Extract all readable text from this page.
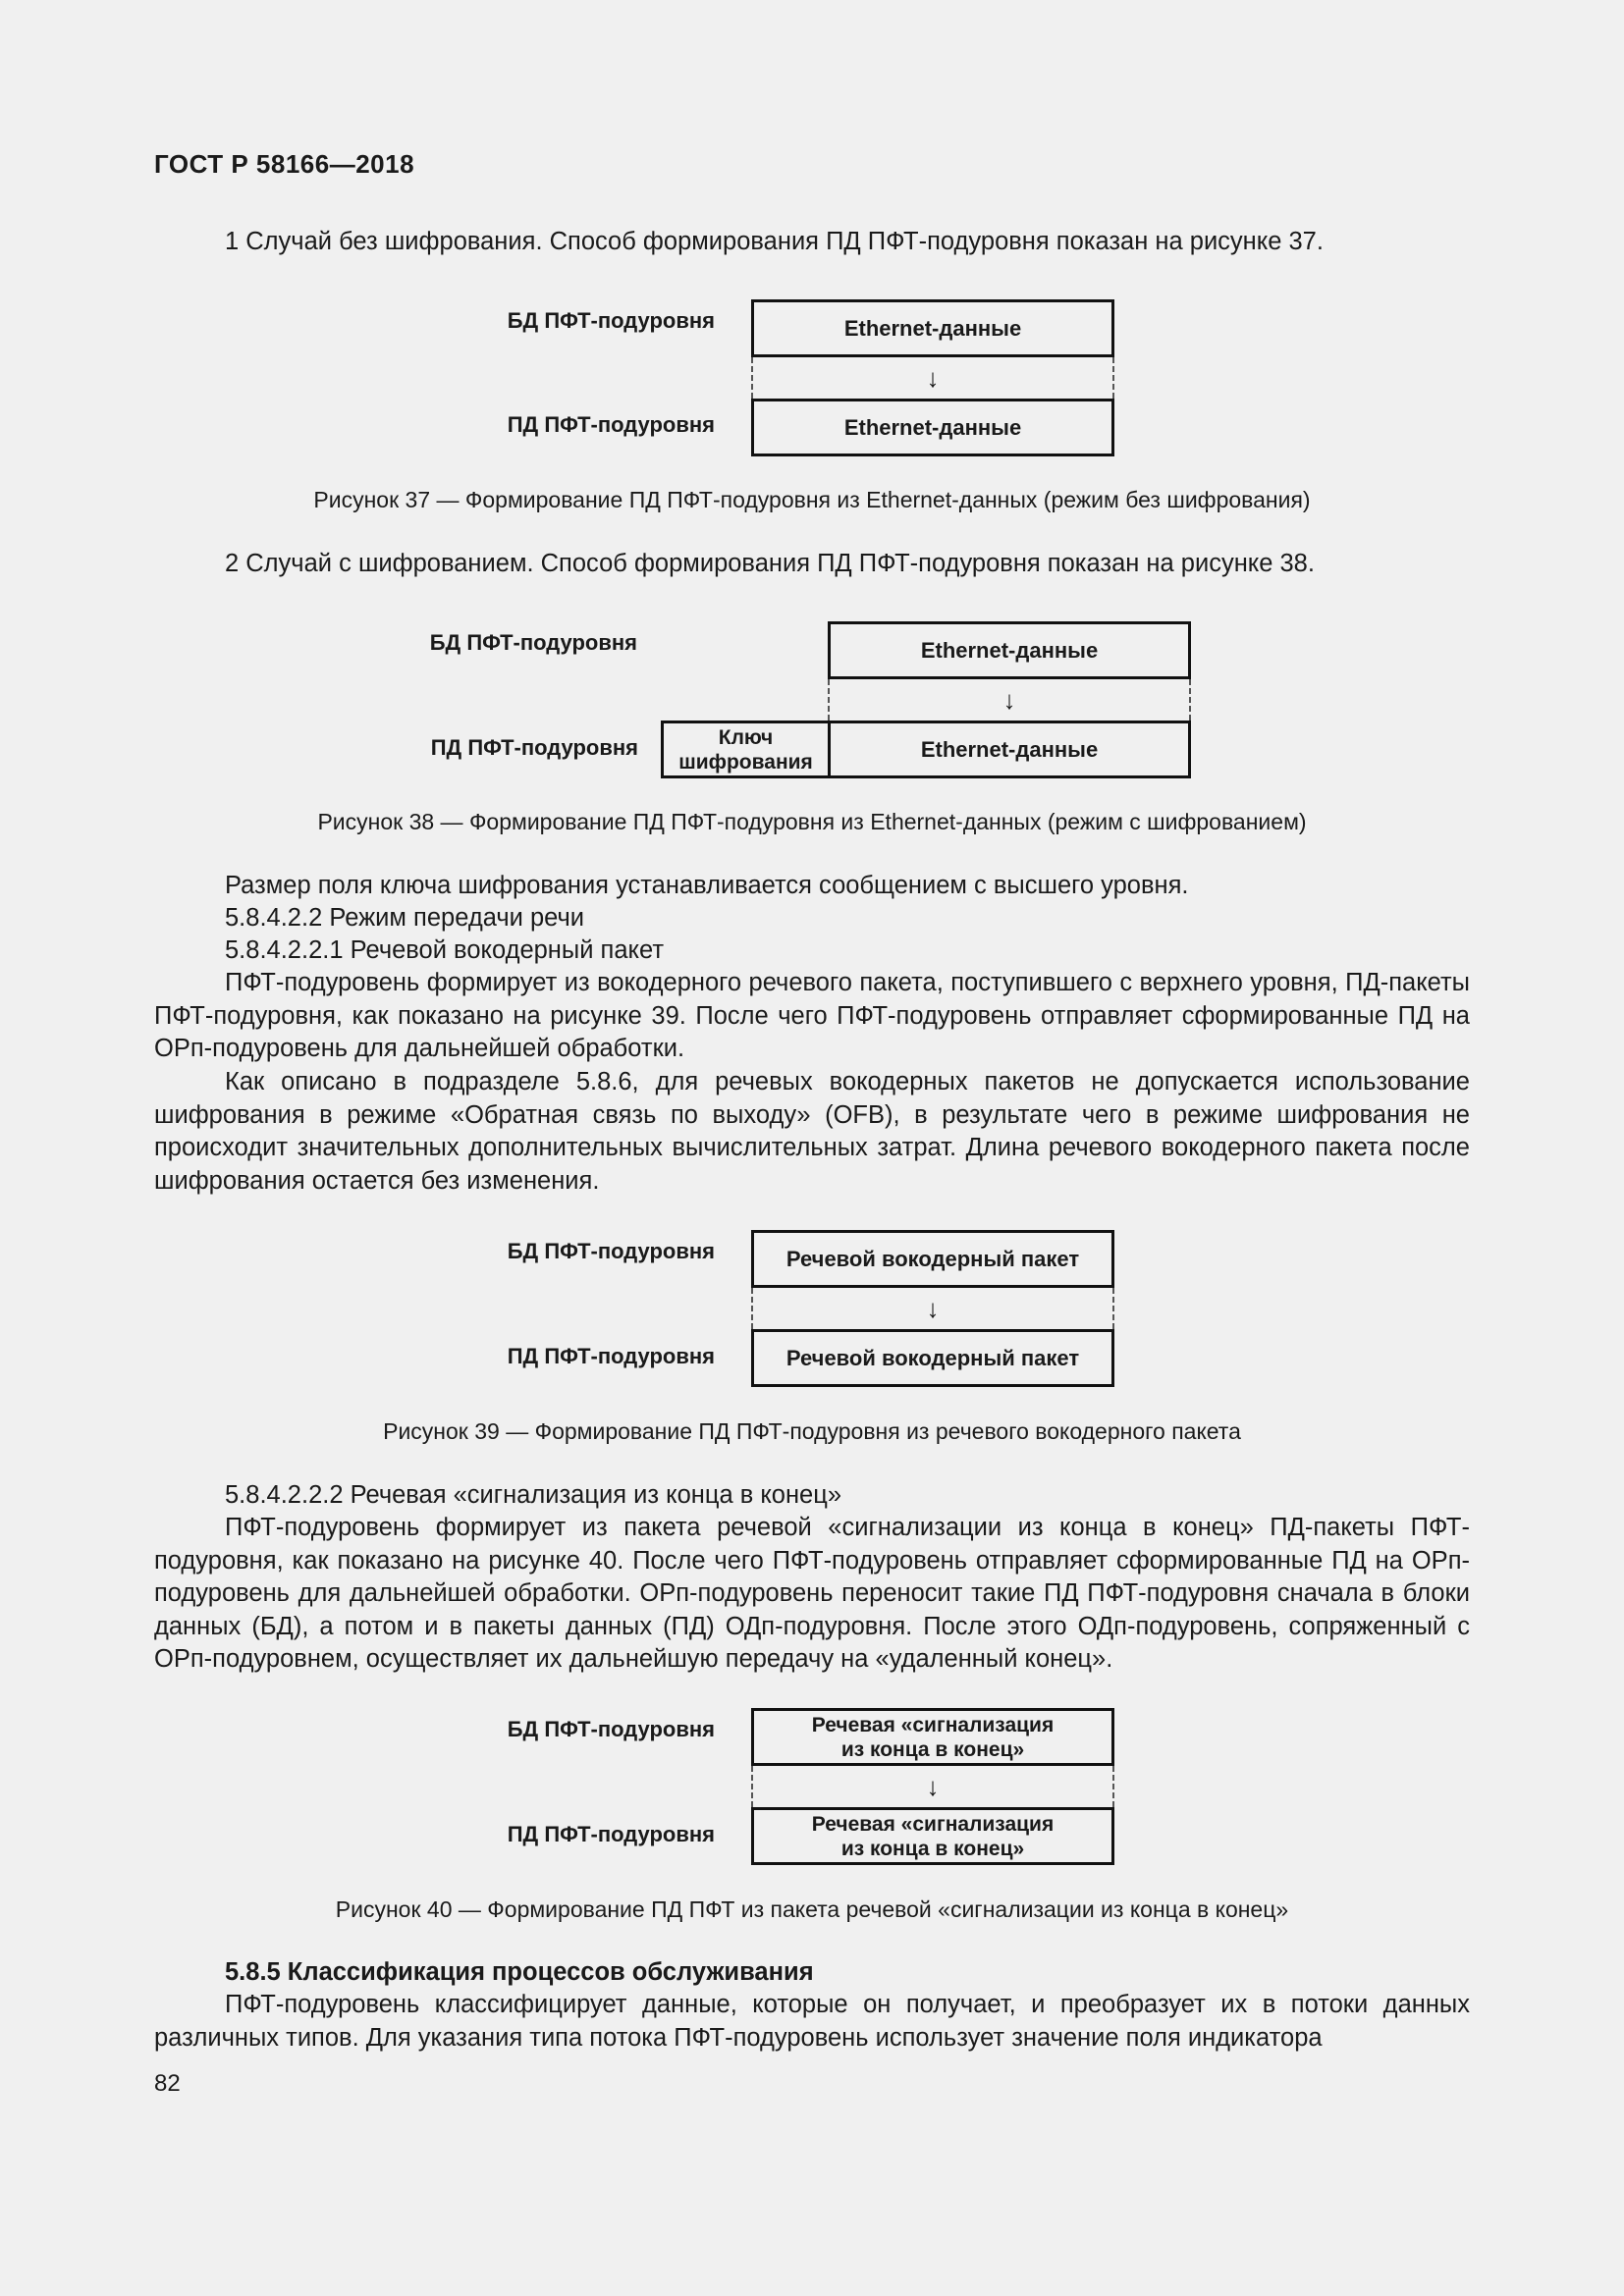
ГОСТ Р 58166—2018
1 Случай без шифрования. Способ формирования ПД ПФТ-подуровня показан на рисунке 37.
БД ПФТ-подуровня
ПД ПФТ-подуровня
Ethernet-данные
↓
Ethernet-данные
Рисунок 37 — Формирование ПД ПФТ-подуровня из Ethernet-данных (режим без шифрования)
2 Случай с шифрованием. Способ формирования ПД ПФТ-подуровня показан на рисунке 38.
БД ПФТ-подуровня
ПД ПФТ-подуровня
Ethernet-данные
↓
Ключ
шифрования	Ethernet-данные
Рисунок 38 — Формирование ПД ПФТ-подуровня из Ethernet-данных (режим с шифрованием)
Размер поля ключа шифрования устанавливается сообщением с высшего уровня.
5.8.4.2.2 Режим передачи речи
5.8.4.2.2.1 Речевой вокодерный пакет
ПФТ-подуровень формирует из вокодерного речевого пакета, поступившего с верхнего уровня, ПД-пакеты ПФТ-подуровня, как показано на рисунке 39. После чего ПФТ-подуровень отправляет сформированные ПД на ОРп-подуровень для дальнейшей обработки.
Как описано в подразделе 5.8.6, для речевых вокодерных пакетов не допускается использование шифрования в режиме «Обратная связь по выходу» (OFB), в результате чего в режиме шифрования не происходит значительных дополнительных вычислительных затрат. Длина речевого вокодерного пакета после шифрования остается без изменения.
БД ПФТ-подуровня
ПД ПФТ-подуровня
Речевой вокодерный пакет
↓
Речевой вокодерный пакет
Рисунок 39 — Формирование ПД ПФТ-подуровня из речевого вокодерного пакета
5.8.4.2.2.2 Речевая «сигнализация из конца в конец»
ПФТ-подуровень формирует из пакета речевой «сигнализации из конца в конец» ПД-пакеты ПФТ-подуровня, как показано на рисунке 40. После чего ПФТ-подуровень отправляет сформированные ПД на ОРп-подуровень для дальнейшей обработки. ОРп-подуровень переносит такие ПД ПФТ-подуровня сначала в блоки данных (БД), а потом и в пакеты данных (ПД) ОДп-подуровня. После этого ОДп-подуровень, сопряженный с ОРп-подуровнем, осуществляет их дальнейшую передачу на «удаленный конец».
БД ПФТ-подуровня
ПД ПФТ-подуровня
Речевая «сигнализация
из конца в конец»
↓
Речевая «сигнализация
из конца в конец»
Рисунок 40 — Формирование ПД ПФТ из пакета речевой «сигнализации из конца в конец»
5.8.5 Классификация процессов обслуживания
ПФТ-подуровень классифицирует данные, которые он получает, и преобразует их в потоки данных различных типов. Для указания типа потока ПФТ-подуровень использует значение поля индикатора
82
